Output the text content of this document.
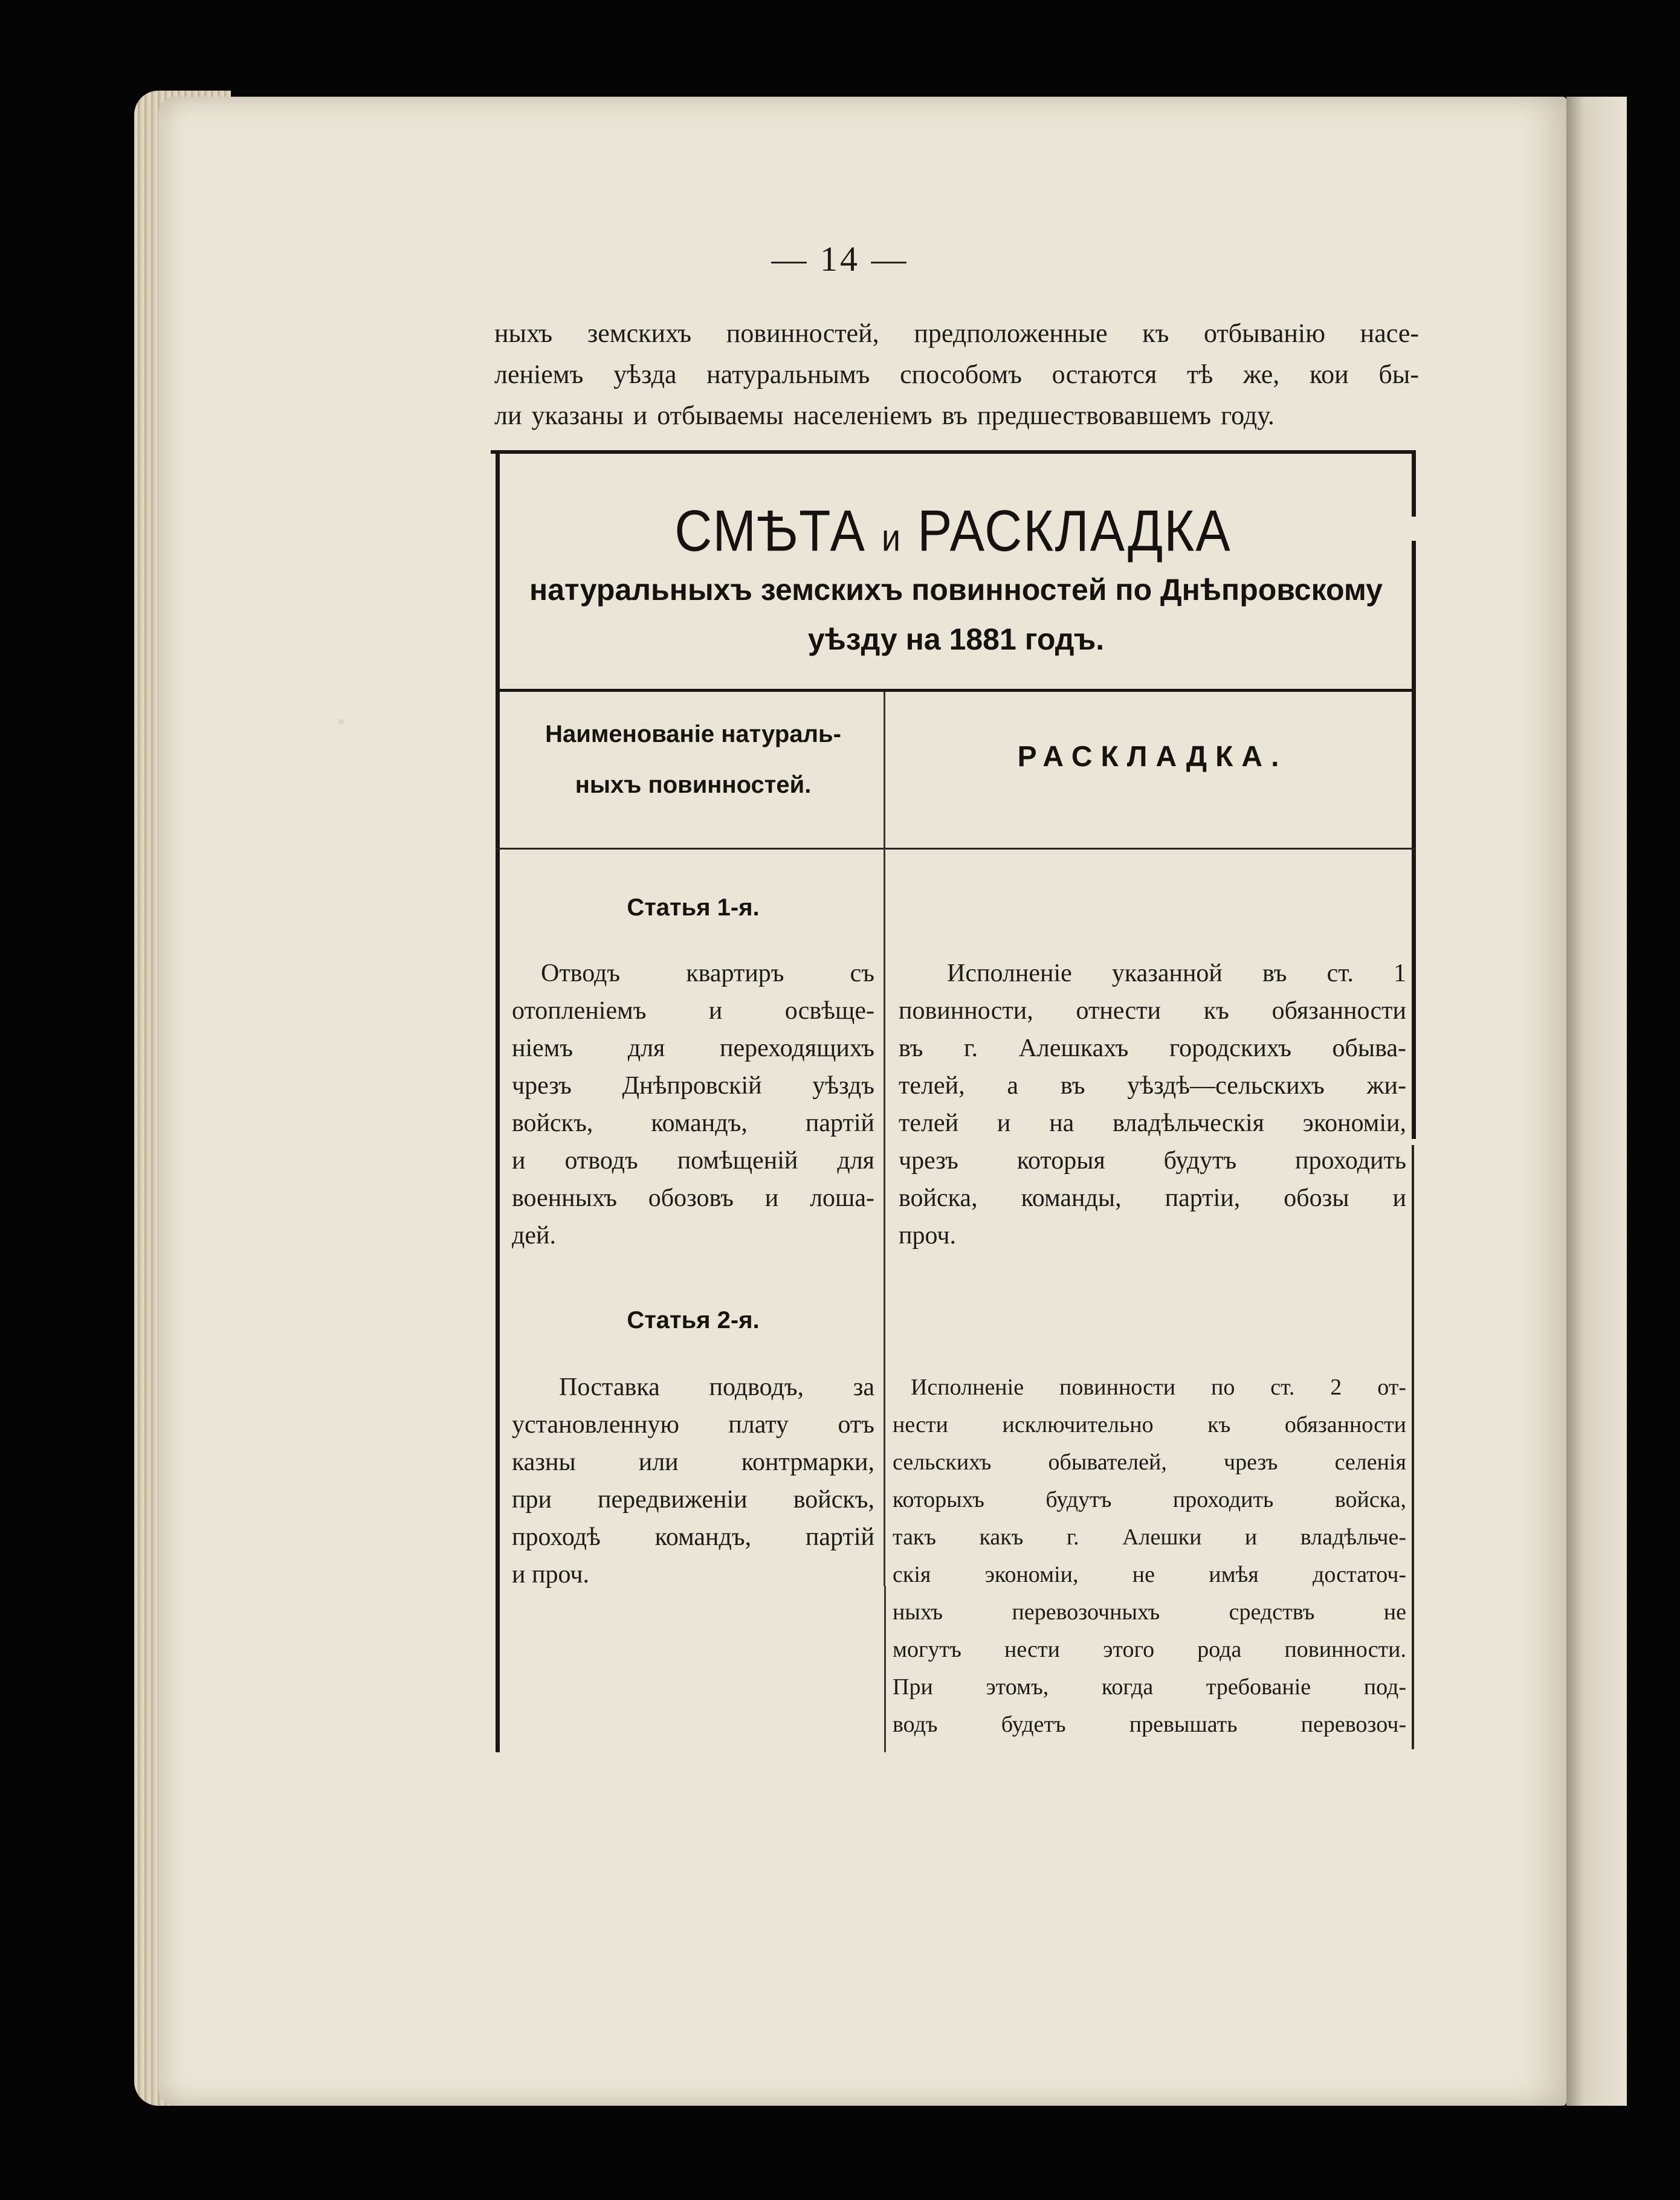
— 14 —
ныхъ земскихъ повинностей, предположенные къ отбыванію насе-
леніемъ уѣзда натуральнымъ способомъ остаются тѣ же, кои бы-
ли указаны и отбываемы населеніемъ въ предшествовавшемъ году.
СМѢТА и РАСКЛАДКА
натуральныхъ земскихъ повинностей по Днѣпровскому
уѣзду на 1881 годъ.
Наименованіе натураль-
ныхъ повинностей.
РАСКЛАДКА.
Статья 1-я.
Отводъ квартиръ съ
отопленіемъ и освѣще-
ніемъ для переходящихъ
чрезъ Днѣпровскій уѣздъ
войскъ, командъ, партій
и отводъ помѣщеній для
военныхъ обозовъ и лоша-
дей.
Исполненіе указанной въ ст. 1
повинности, отнести къ обязанности
въ г. Алешкахъ городскихъ обыва-
телей, а въ уѣздѣ—сельскихъ жи-
телей и на владѣльческія экономіи,
чрезъ которыя будутъ проходить
войска, команды, партіи, обозы и
проч.
Статья 2-я.
Поставка подводъ, за
установленную плату отъ
казны или контрмарки,
при передвиженіи войскъ,
проходѣ командъ, партій
и проч.
Исполненіе повинности по ст. 2 от-
нести исключительно къ обязанности
сельскихъ обывателей, чрезъ селенія
которыхъ будутъ проходить войска,
такъ какъ г. Алешки и владѣльче-
скія экономіи, не имѣя достаточ-
ныхъ перевозочныхъ средствъ не
могутъ нести этого рода повинности.
При этомъ, когда требованіе под-
водъ будетъ превышать перевозоч-
